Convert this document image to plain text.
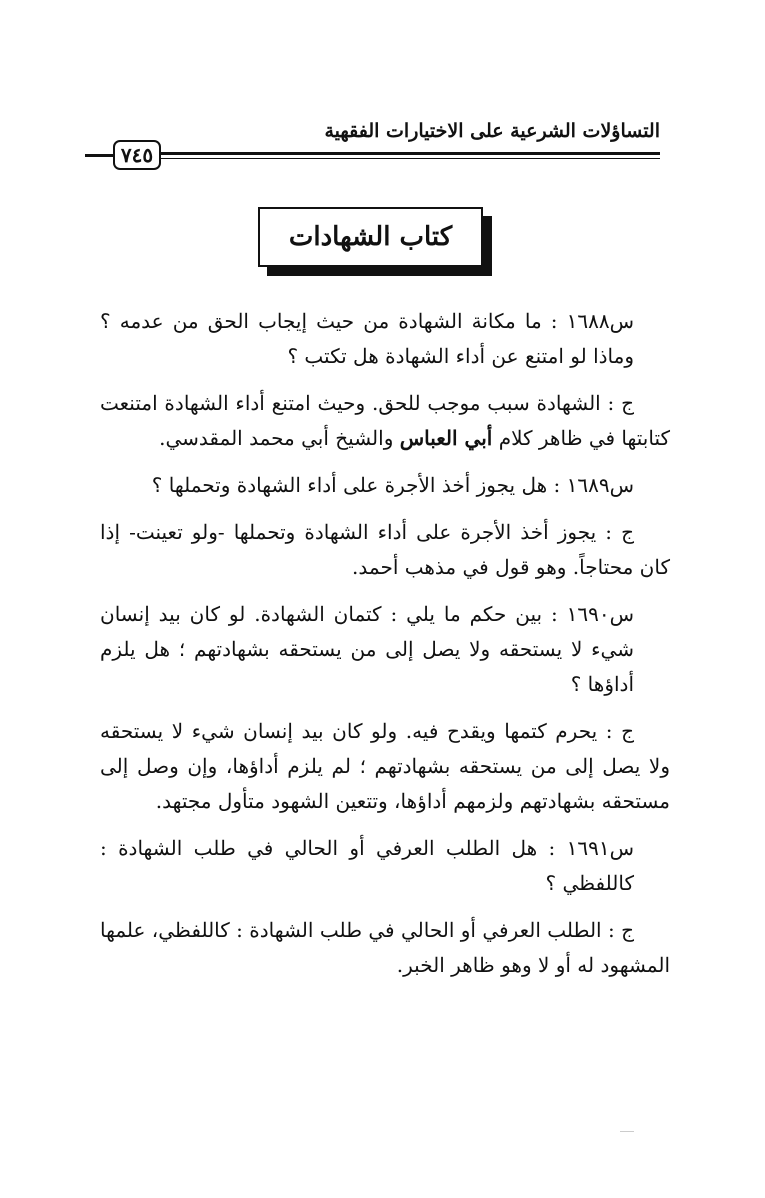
التساؤلات الشرعية على الاختيارات الفقهية
٧٤٥
كتاب الشهادات

س١٦٨٨ : ما مكانة الشهادة من حيث إيجاب الحق من عدمه ؟ وماذا لو امتنع عن أداء الشهادة هل تكتب ؟

ج : الشهادة سبب موجب للحق. وحيث امتنع أداء الشهادة امتنعت كتابتها في ظاهر كلام أبي العباس والشيخ أبي محمد المقدسي.

س١٦٨٩ : هل يجوز أخذ الأجرة على أداء الشهادة وتحملها ؟

ج : يجوز أخذ الأجرة على أداء الشهادة وتحملها -ولو تعينت- إذا كان محتاجاً. وهو قول في مذهب أحمد.

س١٦٩٠ : بين حكم ما يلي : كتمان الشهادة. لو كان بيد إنسان شيء لا يستحقه ولا يصل إلى من يستحقه بشهادتهم ؛ هل يلزم أداؤها ؟

ج : يحرم كتمها ويقدح فيه. ولو كان بيد إنسان شيء لا يستحقه ولا يصل إلى من يستحقه بشهادتهم ؛ لم يلزم أداؤها، وإن وصل إلى مستحقه بشهادتهم ولزمهم أداؤها، وتتعين الشهود متأول مجتهد.

س١٦٩١ : هل الطلب العرفي أو الحالي في طلب الشهادة : كاللفظي ؟

ج : الطلب العرفي أو الحالي في طلب الشهادة : كاللفظي، علمها المشهود له أو لا وهو ظاهر الخبر.
